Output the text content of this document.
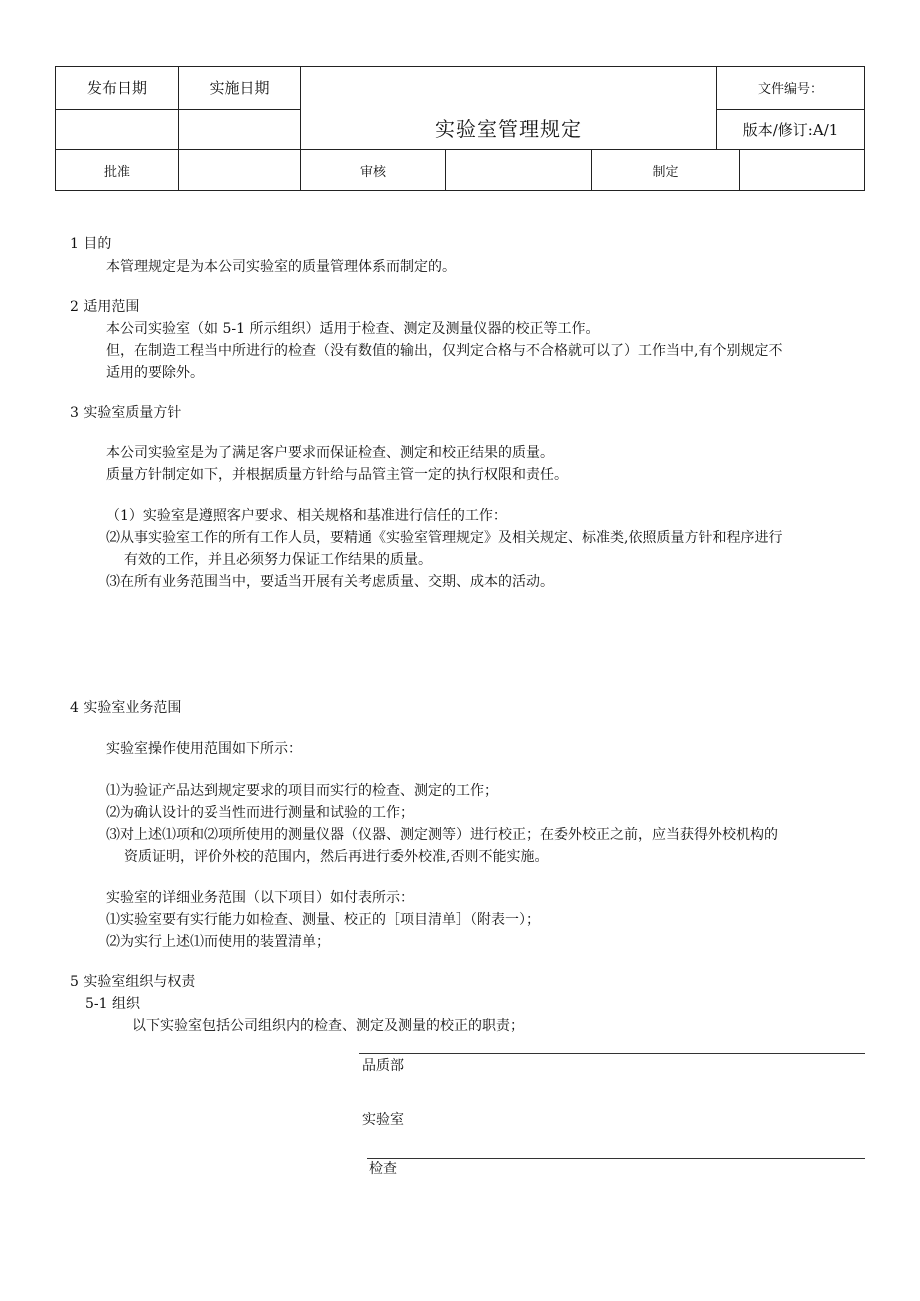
发布日期	实施日期	实验室管理规定			文件编号：	
					版本/修订:A/1	
批准		审核		制定		
1 目的
本管理规定是为本公司实验室的质量管理体系而制定的。
2 适用范围
本公司实验室（如 5-1 所示组织）适用于检查、测定及测量仪器的校正等工作。
但，在制造工程当中所进行的检查（没有数值的输出，仅判定合格与不合格就可以了）工作当中,有个别规定不
适用的要除外。
3 实验室质量方针
本公司实验室是为了满足客户要求而保证检查、测定和校正结果的质量。
质量方针制定如下，并根据质量方针给与品管主管一定的执行权限和责任。
（1）实验室是遵照客户要求、相关规格和基准进行信任的工作：
⑵从事实验室工作的所有工作人员，要精通《实验室管理规定》及相关规定、标准类,依照质量方针和程序进行
有效的工作，并且必须努力保证工作结果的质量。
⑶在所有业务范围当中，要适当开展有关考虑质量、交期、成本的活动。
4 实验室业务范围
实验室操作使用范围如下所示：
⑴为验证产品达到规定要求的项目而实行的检查、测定的工作；
⑵为确认设计的妥当性而进行测量和试验的工作；
⑶对上述⑴项和⑵项所使用的测量仪器（仪器、测定测等）进行校正；在委外校正之前，应当获得外校机构的
资质证明，评价外校的范围内，然后再进行委外校准,否则不能实施。
实验室的详细业务范围（以下项目）如付表所示：
⑴实验室要有实行能力如检查、测量、校正的［项目清单］（附表一）；
⑵为实行上述⑴而使用的装置清单；
5 实验室组织与权责
5-1 组织
以下实验室包括公司组织内的检查、测定及测量的校正的职责；
品质部
实验室
检查
